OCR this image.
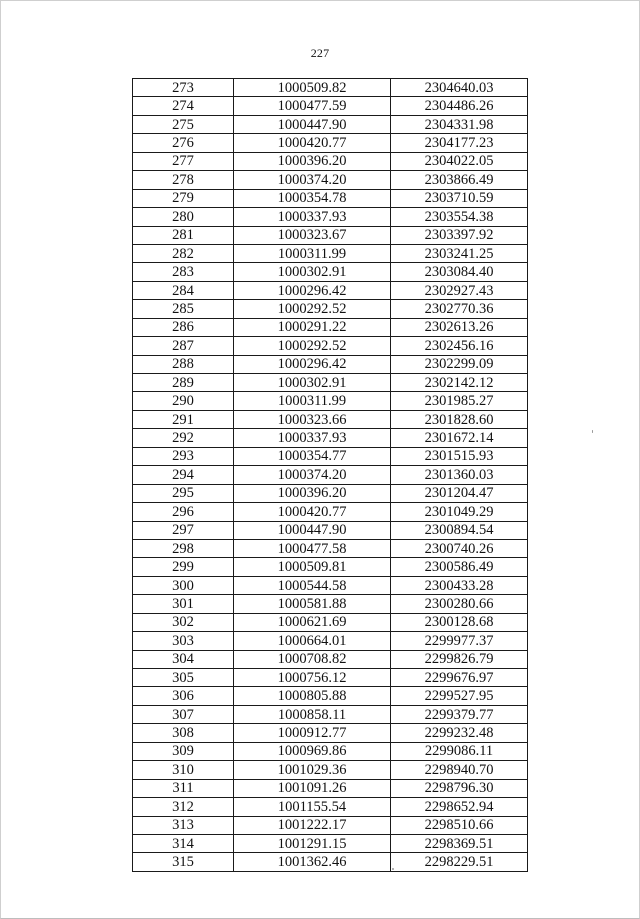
227
273	1000509.82	2304640.03
274	1000477.59	2304486.26
275	1000447.90	2304331.98
276	1000420.77	2304177.23
277	1000396.20	2304022.05
278	1000374.20	2303866.49
279	1000354.78	2303710.59
280	1000337.93	2303554.38
281	1000323.67	2303397.92
282	1000311.99	2303241.25
283	1000302.91	2303084.40
284	1000296.42	2302927.43
285	1000292.52	2302770.36
286	1000291.22	2302613.26
287	1000292.52	2302456.16
288	1000296.42	2302299.09
289	1000302.91	2302142.12
290	1000311.99	2301985.27
291	1000323.66	2301828.60
292	1000337.93	2301672.14
293	1000354.77	2301515.93
294	1000374.20	2301360.03
295	1000396.20	2301204.47
296	1000420.77	2301049.29
297	1000447.90	2300894.54
298	1000477.58	2300740.26
299	1000509.81	2300586.49
300	1000544.58	2300433.28
301	1000581.88	2300280.66
302	1000621.69	2300128.68
303	1000664.01	2299977.37
304	1000708.82	2299826.79
305	1000756.12	2299676.97
306	1000805.88	2299527.95
307	1000858.11	2299379.77
308	1000912.77	2299232.48
309	1000969.86	2299086.11
310	1001029.36	2298940.70
311	1001091.26	2298796.30
312	1001155.54	2298652.94
313	1001222.17	2298510.66
314	1001291.15	2298369.51
315	1001362.46	2298229.51
